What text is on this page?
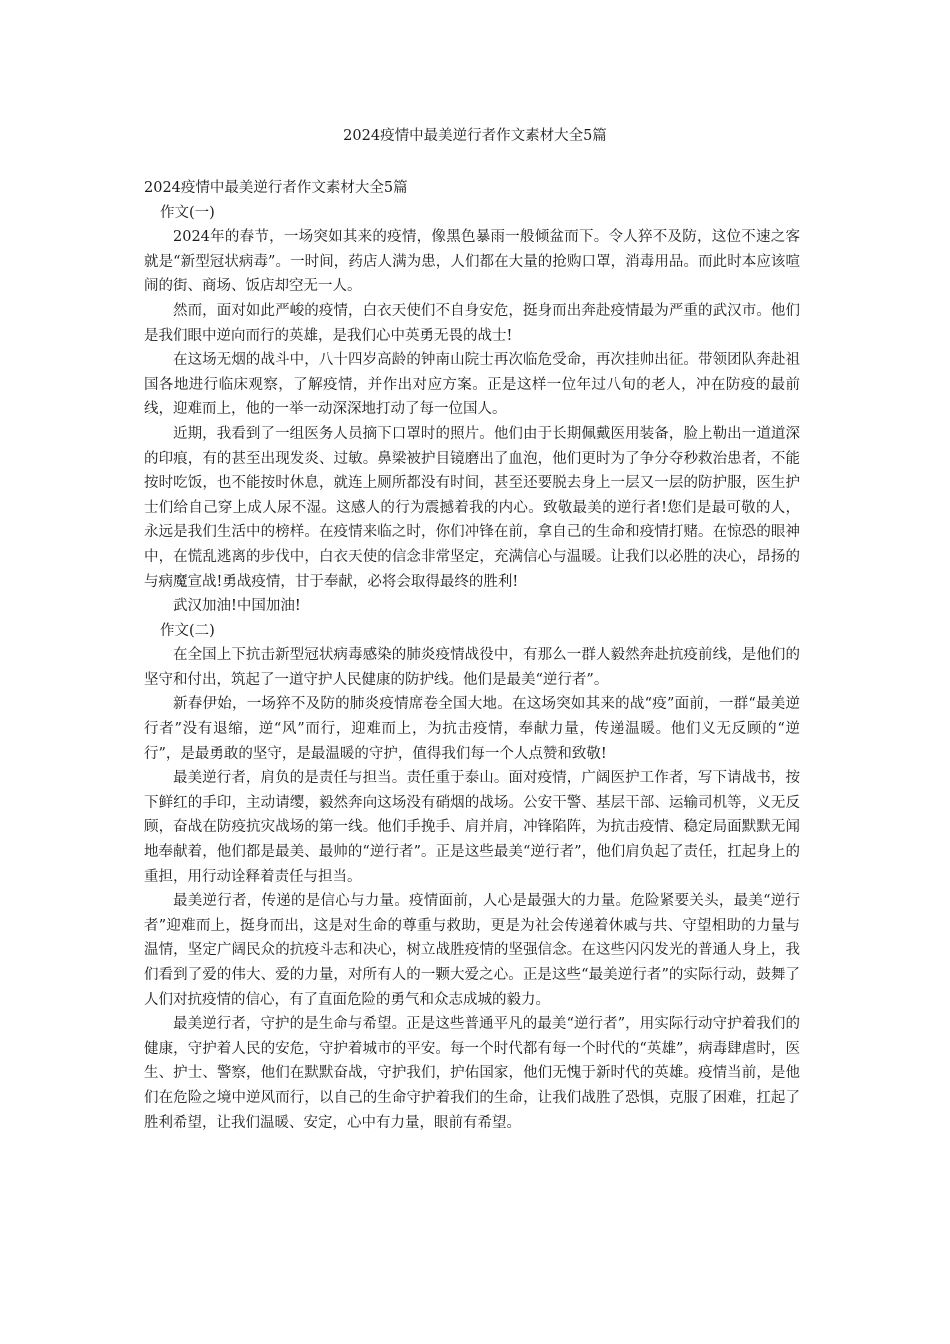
2024疫情中最美逆行者作文素材大全5篇

2024疫情中最美逆行者作文素材大全5篇

作文(一)

2024年的春节，一场突如其来的疫情，像黑色暴雨一般倾盆而下。令人猝不及防，这位不速之客就是“新型冠状病毒”。一时间，药店人满为患，人们都在大量的抢购口罩，消毒用品。而此时本应该喧闹的街、商场、饭店却空无一人。

然而，面对如此严峻的疫情，白衣天使们不自身安危，挺身而出奔赴疫情最为严重的武汉市。他们是我们眼中逆向而行的英雄，是我们心中英勇无畏的战士!

在这场无烟的战斗中，八十四岁高龄的钟南山院士再次临危受命，再次挂帅出征。带领团队奔赴祖国各地进行临床观察，了解疫情，并作出对应方案。正是这样一位年过八旬的老人，冲在防疫的最前线，迎难而上，他的一举一动深深地打动了每一位国人。

近期，我看到了一组医务人员摘下口罩时的照片。他们由于长期佩戴医用装备，脸上勒出一道道深的印痕，有的甚至出现发炎、过敏。鼻梁被护目镜磨出了血泡，他们更时为了争分夺秒救治患者，不能按时吃饭，也不能按时休息，就连上厕所都没有时间，甚至还要脱去身上一层又一层的防护服，医生护士们给自己穿上成人尿不湿。这感人的行为震撼着我的内心。致敬最美的逆行者!您们是最可敬的人，永远是我们生活中的榜样。在疫情来临之时，你们冲锋在前，拿自己的生命和疫情打赌。在惊恐的眼神中，在慌乱逃离的步伐中，白衣天使的信念非常坚定，充满信心与温暖。让我们以必胜的决心，昂扬的与病魔宣战!勇战疫情，甘于奉献，必将会取得最终的胜利!

武汉加油!中国加油!

作文(二)

在全国上下抗击新型冠状病毒感染的肺炎疫情战役中，有那么一群人毅然奔赴抗疫前线，是他们的坚守和付出，筑起了一道守护人民健康的防护线。他们是最美“逆行者”。

新春伊始，一场猝不及防的肺炎疫情席卷全国大地。在这场突如其来的战“疫”面前，一群“最美逆行者”没有退缩，逆“风”而行，迎难而上，为抗击疫情，奉献力量，传递温暖。他们义无反顾的“逆行”，是最勇敢的坚守，是最温暖的守护，值得我们每一个人点赞和致敬!

最美逆行者，肩负的是责任与担当。责任重于泰山。面对疫情，广阔医护工作者，写下请战书，按下鲜红的手印，主动请缨，毅然奔向这场没有硝烟的战场。公安干警、基层干部、运输司机等，义无反顾，奋战在防疫抗灾战场的第一线。他们手挽手、肩并肩，冲锋陷阵，为抗击疫情、稳定局面默默无闻地奉献着，他们都是最美、最帅的“逆行者”。正是这些最美“逆行者”，他们肩负起了责任，扛起身上的重担，用行动诠释着责任与担当。

最美逆行者，传递的是信心与力量。疫情面前，人心是最强大的力量。危险紧要关头，最美“逆行者”迎难而上，挺身而出，这是对生命的尊重与救助，更是为社会传递着休戚与共、守望相助的力量与温情，坚定广阔民众的抗疫斗志和决心，树立战胜疫情的坚强信念。在这些闪闪发光的普通人身上，我们看到了爱的伟大、爱的力量，对所有人的一颗大爱之心。正是这些“最美逆行者”的实际行动，鼓舞了人们对抗疫情的信心，有了直面危险的勇气和众志成城的毅力。

最美逆行者，守护的是生命与希望。正是这些普通平凡的最美“逆行者”，用实际行动守护着我们的健康，守护着人民的安危，守护着城市的平安。每一个时代都有每一个时代的“英雄”，病毒肆虐时，医生、护士、警察，他们在默默奋战，守护我们，护佑国家，他们无愧于新时代的英雄。疫情当前，是他们在危险之境中逆风而行，以自己的生命守护着我们的生命，让我们战胜了恐惧，克服了困难，扛起了胜利希望，让我们温暖、安定，心中有力量，眼前有希望。
